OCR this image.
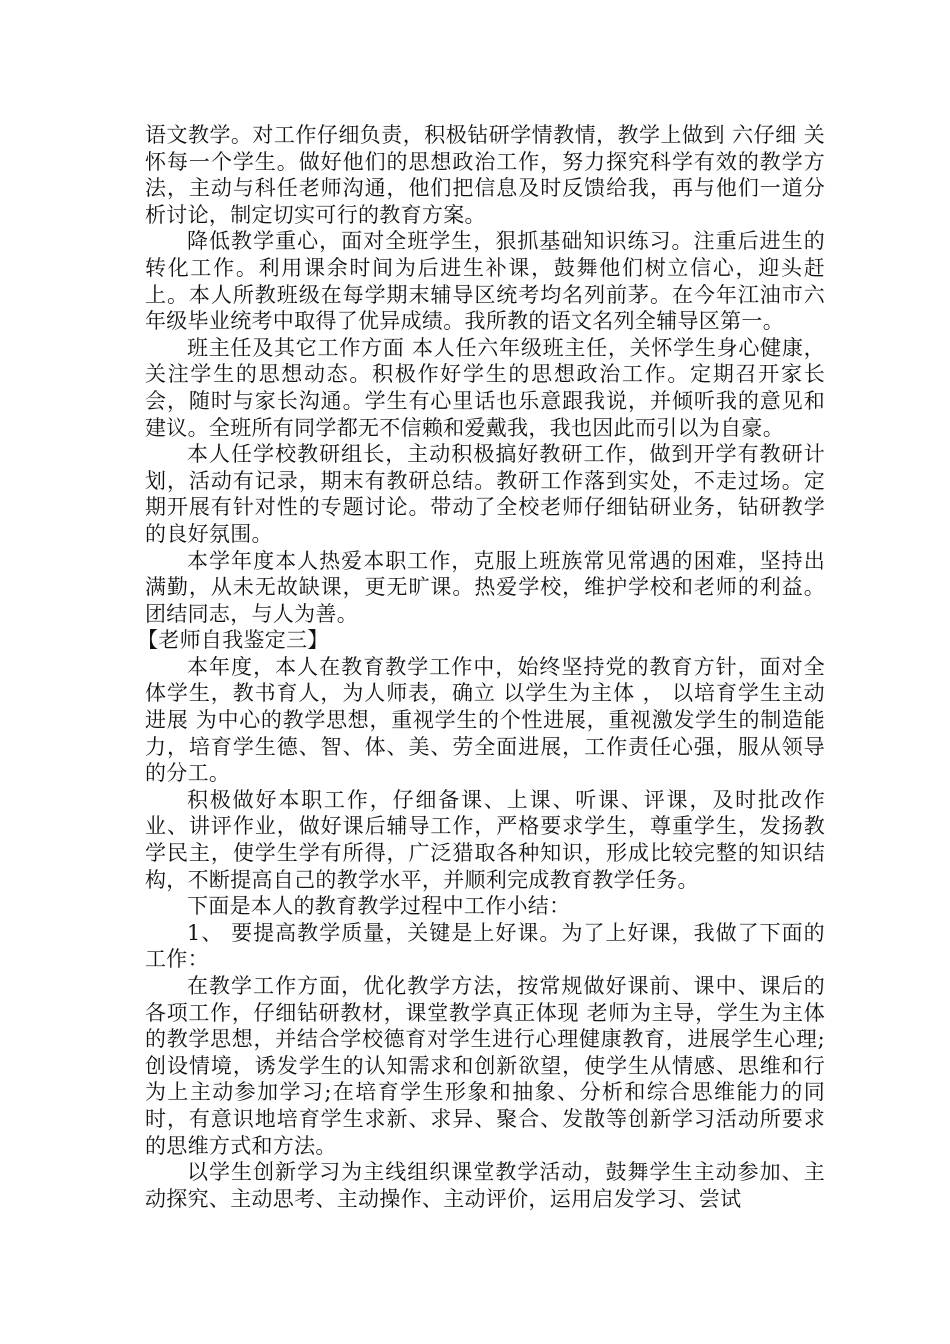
语文教学。对工作仔细负责，积极钻研学情教情，教学上做到 六仔细 关怀每一个学生。做好他们的思想政治工作，努力探究科学有效的教学方法，主动与科任老师沟通，他们把信息及时反馈给我，再与他们一道分析讨论，制定切实可行的教育方案。

降低教学重心，面对全班学生，狠抓基础知识练习。注重后进生的转化工作。利用课余时间为后进生补课，鼓舞他们树立信心，迎头赶上。本人所教班级在每学期末辅导区统考均名列前茅。在今年江油市六年级毕业统考中取得了优异成绩。我所教的语文名列全辅导区第一。

班主任及其它工作方面 本人任六年级班主任，关怀学生身心健康，关注学生的思想动态。积极作好学生的思想政治工作。定期召开家长会，随时与家长沟通。学生有心里话也乐意跟我说，并倾听我的意见和建议。全班所有同学都无不信赖和爱戴我，我也因此而引以为自豪。

本人任学校教研组长，主动积极搞好教研工作，做到开学有教研计划，活动有记录，期末有教研总结。教研工作落到实处，不走过场。定期开展有针对性的专题讨论。带动了全校老师仔细钻研业务，钻研教学的良好氛围。

本学年度本人热爱本职工作，克服上班族常见常遇的困难，坚持出满勤，从未无故缺课，更无旷课。热爱学校，维护学校和老师的利益。团结同志，与人为善。

【老师自我鉴定三】

本年度，本人在教育教学工作中，始终坚持党的教育方针，面对全体学生，教书育人，为人师表，确立 以学生为主体 ， 以培育学生主动进展 为中心的教学思想，重视学生的个性进展，重视激发学生的制造能力，培育学生德、智、体、美、劳全面进展，工作责任心强，服从领导的分工。

积极做好本职工作，仔细备课、上课、听课、评课，及时批改作业、讲评作业，做好课后辅导工作，严格要求学生，尊重学生，发扬教学民主，使学生学有所得，广泛猎取各种知识，形成比较完整的知识结构，不断提高自己的教学水平，并顺利完成教育教学任务。

下面是本人的教育教学过程中工作小结：

1、 要提高教学质量，关键是上好课。为了上好课，我做了下面的工作：

在教学工作方面，优化教学方法，按常规做好课前、课中、课后的各项工作，仔细钻研教材，课堂教学真正体现 老师为主导，学生为主体 的教学思想，并结合学校德育对学生进行心理健康教育，进展学生心理;创设情境，诱发学生的认知需求和创新欲望，使学生从情感、思维和行为上主动参加学习;在培育学生形象和抽象、分析和综合思维能力的同时，有意识地培育学生求新、求异、聚合、发散等创新学习活动所要求的思维方式和方法。

以学生创新学习为主线组织课堂教学活动，鼓舞学生主动参加、主动探究、主动思考、主动操作、主动评价，运用启发学习、尝试
